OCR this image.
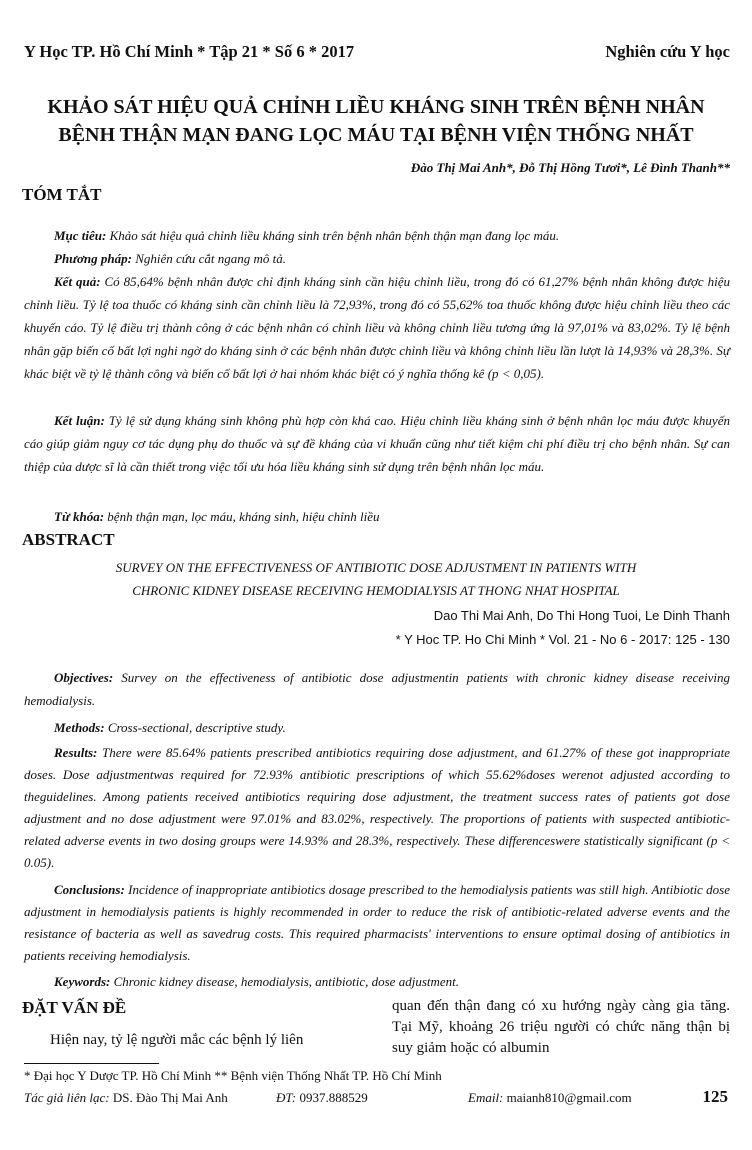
Y Học TP. Hồ Chí Minh * Tập 21 * Số 6 * 2017	Nghiên cứu Y học
KHẢO SÁT HIỆU QUẢ CHỈNH LIỀU KHÁNG SINH TRÊN BỆNH NHÂN
BỆNH THẬN MẠN ĐANG LỌC MÁU TẠI BỆNH VIỆN THỐNG NHẤT
Đào Thị Mai Anh*, Đỗ Thị Hồng Tươi*, Lê Đình Thanh**
TÓM TẮT
Mục tiêu: Khảo sát hiệu quả chỉnh liều kháng sinh trên bệnh nhân bệnh thận mạn đang lọc máu.
Phương pháp: Nghiên cứu cắt ngang mô tả.
Kết quả: Có 85,64% bệnh nhân được chỉ định kháng sinh cần hiệu chỉnh liều, trong đó có 61,27% bệnh nhân không được hiệu chỉnh liều. Tỷ lệ toa thuốc có kháng sinh cần chỉnh liều là 72,93%, trong đó có 55,62% toa thuốc không được hiệu chỉnh liều theo các khuyến cáo. Tỷ lệ điều trị thành công ở các bệnh nhân có chỉnh liều và không chỉnh liều tương ứng là 97,01% và 83,02%. Tỷ lệ bệnh nhân gặp biến cố bất lợi nghi ngờ do kháng sinh ở các bệnh nhân được chỉnh liều và không chỉnh liều lần lượt là 14,93% và 28,3%. Sự khác biệt về tỷ lệ thành công và biến cố bất lợi ở hai nhóm khác biệt có ý nghĩa thống kê (p < 0,05).
Kết luận: Tỷ lệ sử dụng kháng sinh không phù hợp còn khá cao. Hiệu chỉnh liều kháng sinh ở bệnh nhân lọc máu được khuyến cáo giúp giảm nguy cơ tác dụng phụ do thuốc và sự đề kháng của vi khuẩn cũng như tiết kiệm chi phí điều trị cho bệnh nhân. Sự can thiệp của dược sĩ là cần thiết trong việc tối ưu hóa liều kháng sinh sử dụng trên bệnh nhân lọc máu.
Từ khóa: bệnh thận mạn, lọc máu, kháng sinh, hiệu chỉnh liều
ABSTRACT
SURVEY ON THE EFFECTIVENESS OF ANTIBIOTIC DOSE ADJUSTMENT IN PATIENTS WITH
CHRONIC KIDNEY DISEASE RECEIVING HEMODIALYSIS AT THONG NHAT HOSPITAL
Dao Thi Mai Anh, Do Thi Hong Tuoi, Le Dinh Thanh
* Y Hoc TP. Ho Chi Minh * Vol. 21 - No 6 - 2017: 125 - 130
Objectives: Survey on the effectiveness of antibiotic dose adjustmentin patients with chronic kidney disease receiving hemodialysis.
Methods: Cross-sectional, descriptive study.
Results: There were 85.64% patients prescribed antibiotics requiring dose adjustment, and 61.27% of these got inappropriate doses. Dose adjustmentwas required for 72.93% antibiotic prescriptions of which 55.62%doses werenot adjusted according to theguidelines. Among patients received antibiotics requiring dose adjustment, the treatment success rates of patients got dose adjustment and no dose adjustment were 97.01% and 83.02%, respectively. The proportions of patients with suspected antibiotic-related adverse events in two dosing groups were 14.93% and 28.3%, respectively. These differenceswere statistically significant (p < 0.05).
Conclusions: Incidence of inappropriate antibiotics dosage prescribed to the hemodialysis patients was still high. Antibiotic dose adjustment in hemodialysis patients is highly recommended in order to reduce the risk of antibiotic-related adverse events and the resistance of bacteria as well as savedrug costs. This required pharmacists' interventions to ensure optimal dosing of antibiotics in patients receiving hemodialysis.
Keywords: Chronic kidney disease, hemodialysis, antibiotic, dose adjustment.
ĐẶT VẤN ĐỀ
Hiện nay, tỷ lệ người mắc các bệnh lý liên
quan đến thận đang có xu hướng ngày càng gia tăng. Tại Mỹ, khoảng 26 triệu người có chức năng thận bị suy giảm hoặc có albumin
* Đại học Y Dược TP. Hồ Chí Minh ** Bệnh viện Thống Nhất TP. Hồ Chí Minh
Tác giả liên lạc: DS. Đào Thị Mai Anh	ĐT: 0937.888529	Email: maianh810@gmail.com	125
